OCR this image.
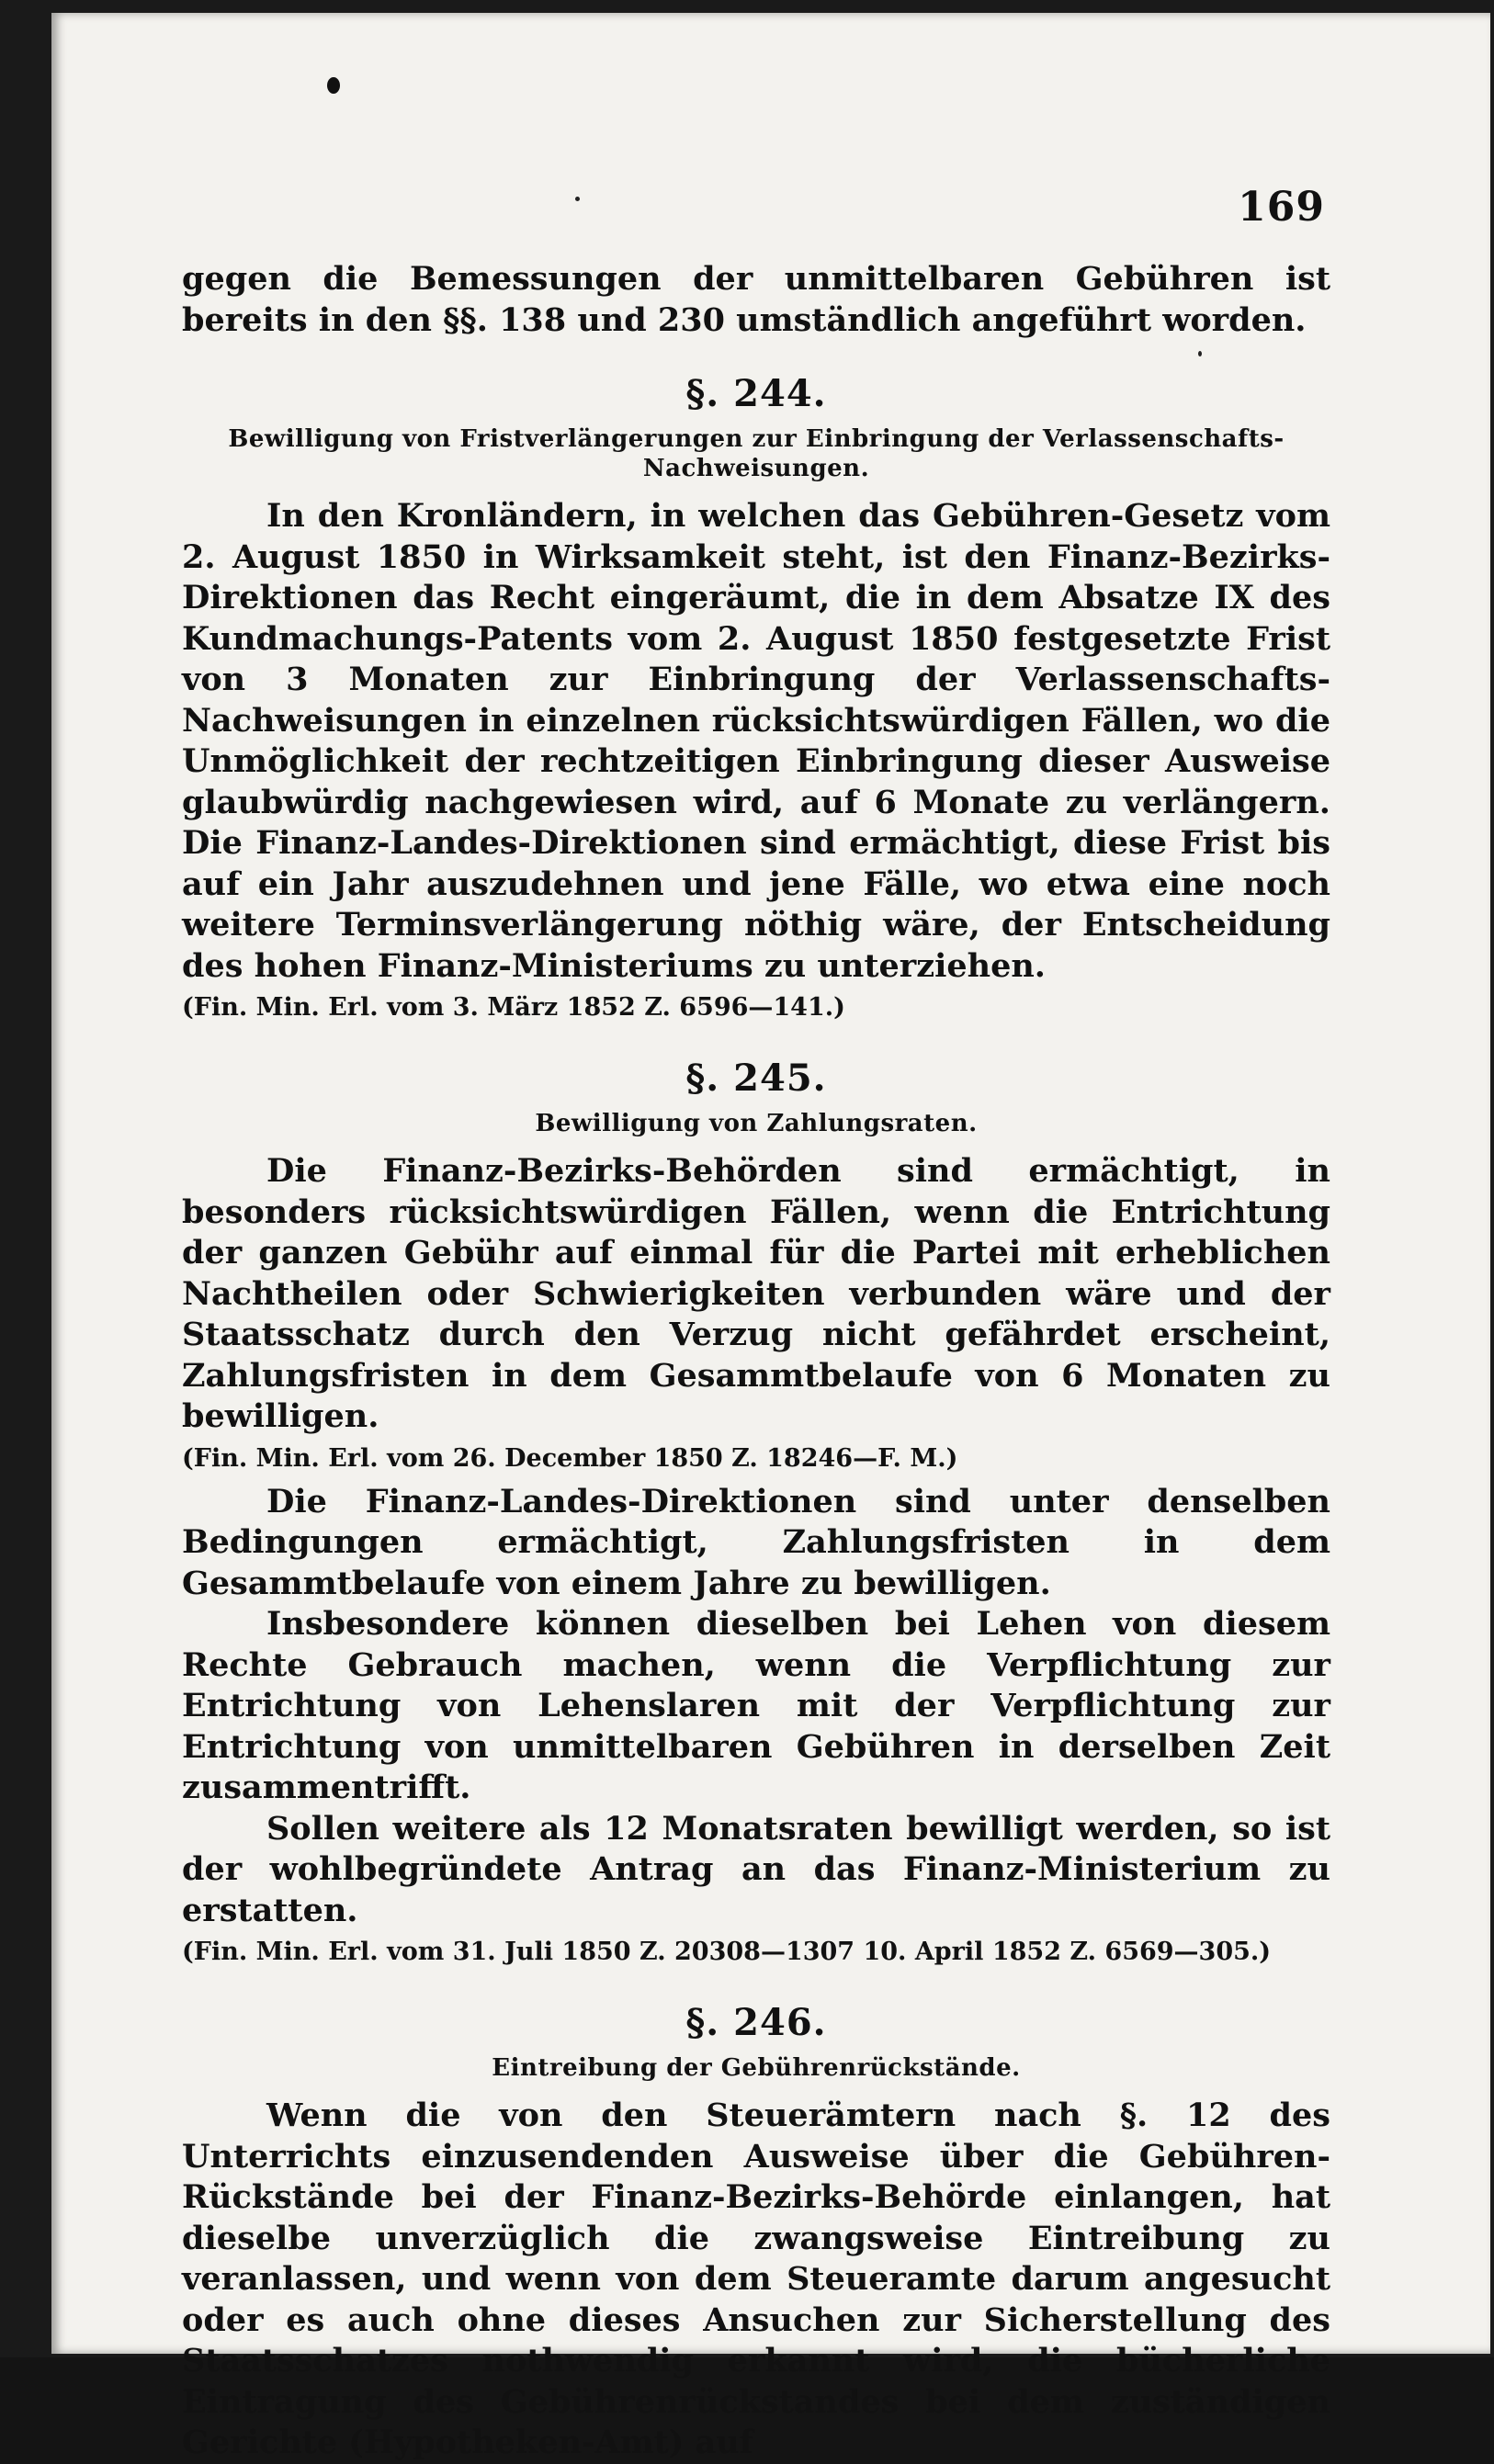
169

gegen die Bemessungen der unmittelbaren Gebühren ist bereits in den §§. 138 und 230 umständlich angeführt worden.

§. 244.
Bewilligung von Fristverlängerungen zur Einbringung der Verlassenschafts-Nachweisungen.

In den Kronländern, in welchen das Gebühren-Gesetz vom 2. August 1850 in Wirksamkeit steht, ist den Finanz-Bezirks-Direktionen das Recht eingeräumt, die in dem Absatze IX des Kundmachungs-Patents vom 2. August 1850 festgesetzte Frist von 3 Monaten zur Einbringung der Verlassenschafts-Nachweisungen in einzelnen rücksichtswürdigen Fällen, wo die Unmöglichkeit der rechtzeitigen Einbringung dieser Ausweise glaubwürdig nachgewiesen wird, auf 6 Monate zu verlängern. Die Finanz-Landes-Direktionen sind ermächtigt, diese Frist bis auf ein Jahr auszudehnen und jene Fälle, wo etwa eine noch weitere Terminsverlängerung nöthig wäre, der Entscheidung des hohen Finanz-Ministeriums zu unterziehen.

(Fin. Min. Erl. vom 3. März 1852 Z. 6596—141.)
§. 245.
Bewilligung von Zahlungsraten.

Die Finanz-Bezirks-Behörden sind ermächtigt, in besonders rücksichtswürdigen Fällen, wenn die Entrichtung der ganzen Gebühr auf einmal für die Partei mit erheblichen Nachtheilen oder Schwierigkeiten verbunden wäre und der Staatsschatz durch den Verzug nicht gefährdet erscheint, Zahlungsfristen in dem Gesammtbelaufe von 6 Monaten zu bewilligen.

(Fin. Min. Erl. vom 26. December 1850 Z. 18246—F. M.)

Die Finanz-Landes-Direktionen sind unter denselben Bedingungen ermächtigt, Zahlungsfristen in dem Gesammtbelaufe von einem Jahre zu bewilligen.

Insbesondere können dieselben bei Lehen von diesem Rechte Gebrauch machen, wenn die Verpflichtung zur Entrichtung von Lehenslaren mit der Verpflichtung zur Entrichtung von unmittelbaren Gebühren in derselben Zeit zusammentrifft.

Sollen weitere als 12 Monatsraten bewilligt werden, so ist der wohlbegründete Antrag an das Finanz-Ministerium zu erstatten.

(Fin. Min. Erl. vom 31. Juli 1850 Z. 20308—1307 10. April 1852 Z. 6569—305.)
§. 246.
Eintreibung der Gebührenrückstände.

Wenn die von den Steuerämtern nach §. 12 des Unterrichts einzusendenden Ausweise über die Gebühren-Rückstände bei der Finanz-Bezirks-Behörde einlangen, hat dieselbe unverzüglich die zwangsweise Eintreibung zu veranlassen, und wenn von dem Steueramte darum angesucht oder es auch ohne dieses Ansuchen zur Sicherstellung des Staatsschatzes nothwendig erkannt wird, die bücherliche Eintragung des Gebührenrückstandes bei dem zuständigen Gerichte (Hypotheken-Amt) auf
